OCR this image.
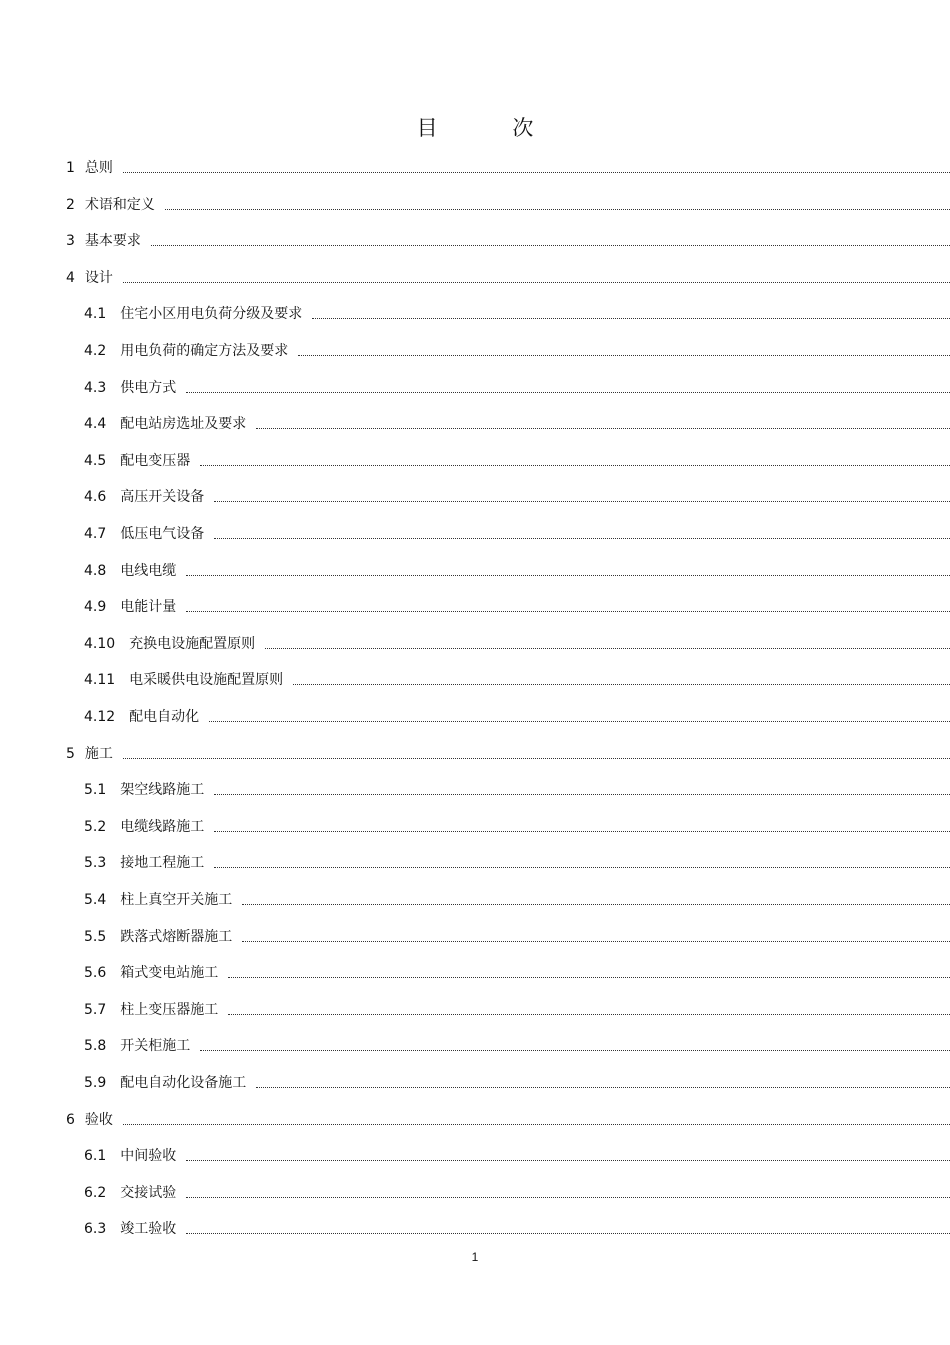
目 次
1 总则
2 术语和定义
3 基本要求
4 设计
4.1 住宅小区用电负荷分级及要求
4.2 用电负荷的确定方法及要求
4.3 供电方式
4.4 配电站房选址及要求
4.5 配电变压器
4.6 高压开关设备
4.7 低压电气设备
4.8 电线电缆
4.9 电能计量
4.10 充换电设施配置原则
4.11 电采暖供电设施配置原则
4.12 配电自动化
5 施工
5.1 架空线路施工
5.2 电缆线路施工
5.3 接地工程施工
5.4 柱上真空开关施工
5.5 跌落式熔断器施工
5.6 箱式变电站施工
5.7 柱上变压器施工
5.8 开关柜施工
5.9 配电自动化设备施工
6 验收
6.1 中间验收
6.2 交接试验
6.3 竣工验收
1
